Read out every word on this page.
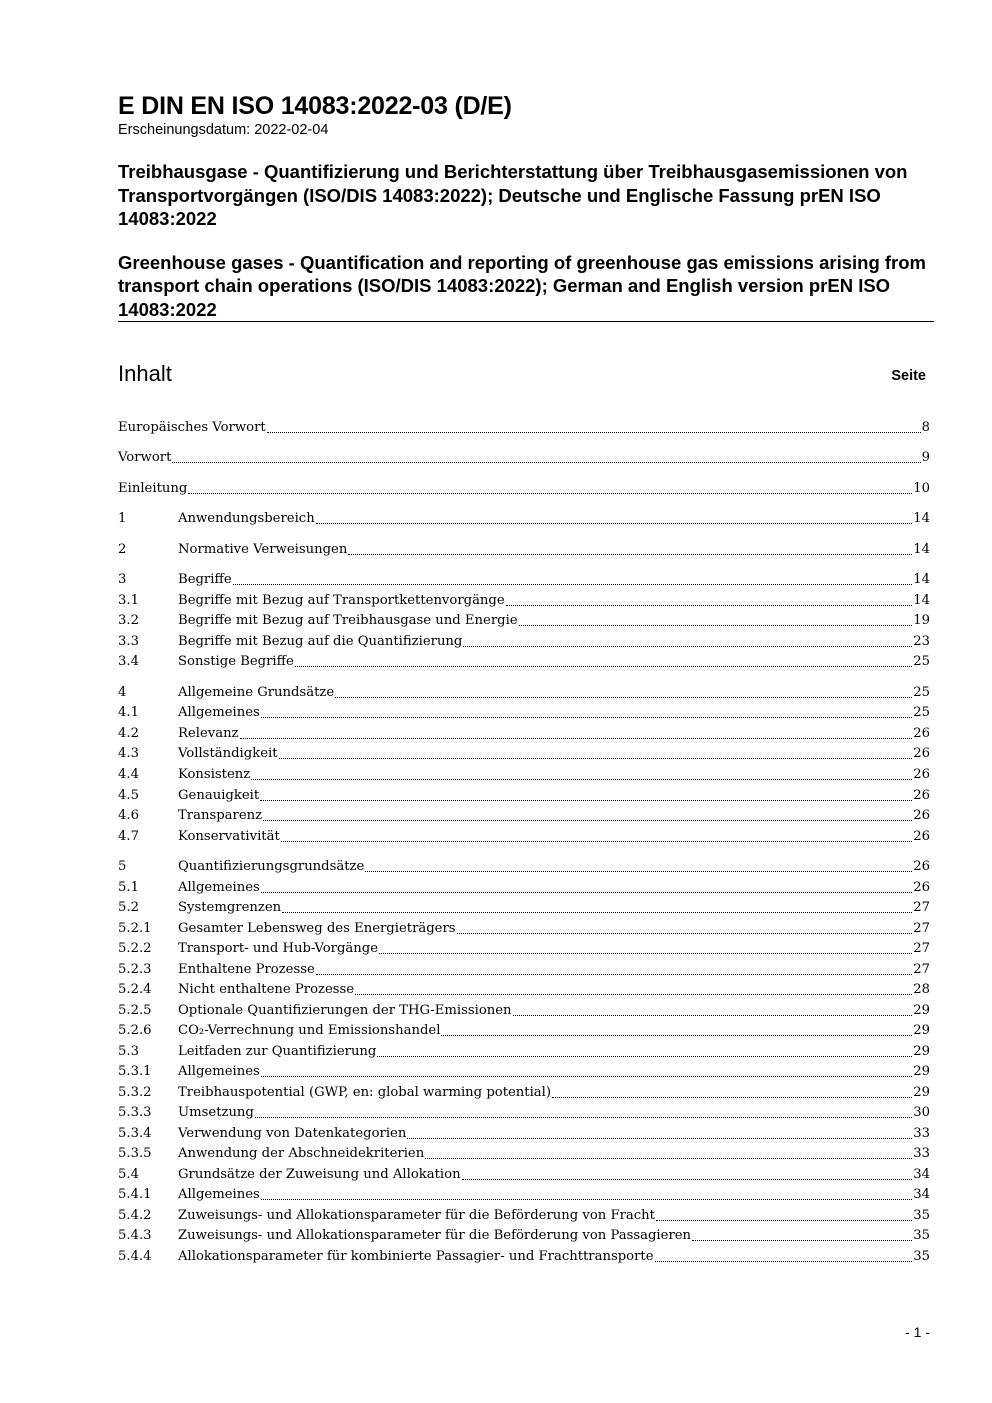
E DIN EN ISO 14083:2022-03 (D/E)
Erscheinungsdatum: 2022-02-04
Treibhausgase - Quantifizierung und Berichterstattung über Treibhausgasemissionen von Transportvorgängen (ISO/DIS 14083:2022); Deutsche und Englische Fassung prEN ISO 14083:2022
Greenhouse gases - Quantification and reporting of greenhouse gas emissions arising from transport chain operations (ISO/DIS 14083:2022); German and English version prEN ISO 14083:2022
Inhalt	Seite
Europäisches Vorwort	8
Vorwort	9
Einleitung	10
1	Anwendungsbereich	14
2	Normative Verweisungen	14
3	Begriffe	14
3.1	Begriffe mit Bezug auf Transportkettenvorgänge	14
3.2	Begriffe mit Bezug auf Treibhausgase und Energie	19
3.3	Begriffe mit Bezug auf die Quantifizierung	23
3.4	Sonstige Begriffe	25
4	Allgemeine Grundsätze	25
4.1	Allgemeines	25
4.2	Relevanz	26
4.3	Vollständigkeit	26
4.4	Konsistenz	26
4.5	Genauigkeit	26
4.6	Transparenz	26
4.7	Konservativität	26
5	Quantifizierungsgrundsätze	26
5.1	Allgemeines	26
5.2	Systemgrenzen	27
5.2.1	Gesamter Lebensweg des Energieträgers	27
5.2.2	Transport- und Hub-Vorgänge	27
5.2.3	Enthaltene Prozesse	27
5.2.4	Nicht enthaltene Prozesse	28
5.2.5	Optionale Quantifizierungen der THG-Emissionen	29
5.2.6	CO₂-Verrechnung und Emissionshandel	29
5.3	Leitfaden zur Quantifizierung	29
5.3.1	Allgemeines	29
5.3.2	Treibhauspotential (GWP, en: global warming potential)	29
5.3.3	Umsetzung	30
5.3.4	Verwendung von Datenkategorien	33
5.3.5	Anwendung der Abschneidekriterien	33
5.4	Grundsätze der Zuweisung und Allokation	34
5.4.1	Allgemeines	34
5.4.2	Zuweisungs- und Allokationsparameter für die Beförderung von Fracht	35
5.4.3	Zuweisungs- und Allokationsparameter für die Beförderung von Passagieren	35
5.4.4	Allokationsparameter für kombinierte Passagier- und Frachttransporte	35
- 1 -
